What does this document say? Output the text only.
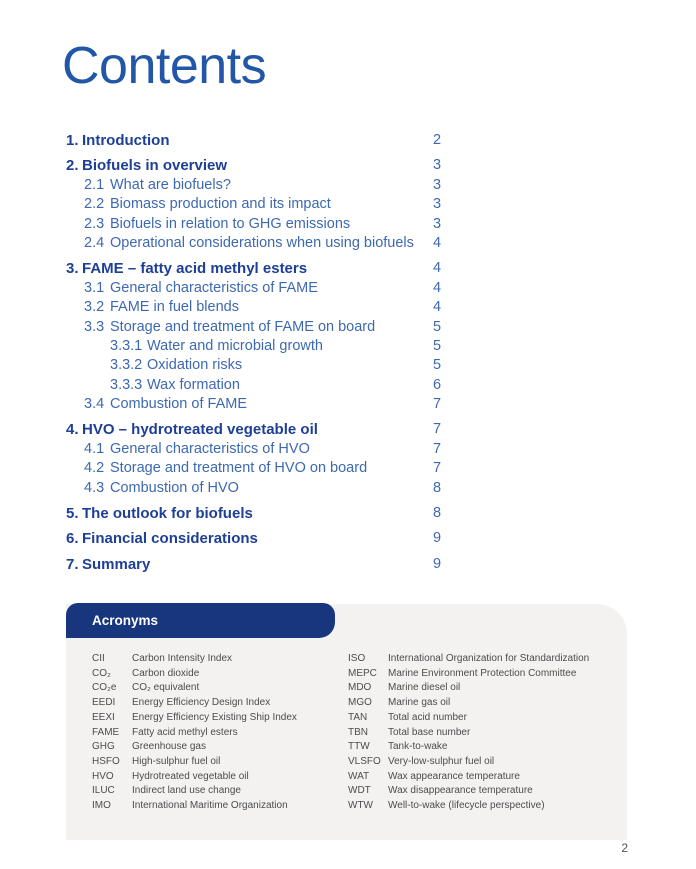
Contents
1. Introduction	2
2. Biofuels in overview	3
2.1 What are biofuels?	3
2.2 Biomass production and its impact	3
2.3 Biofuels in relation to GHG emissions	3
2.4 Operational considerations when using biofuels 4
3. FAME – fatty acid methyl esters	4
3.1 General characteristics of FAME	4
3.2 FAME in fuel blends	4
3.3 Storage and treatment of FAME on board	5
3.3.1 Water and microbial growth	5
3.3.2 Oxidation risks	5
3.3.3 Wax formation	6
3.4 Combustion of FAME	7
4. HVO – hydrotreated vegetable oil	7
4.1 General characteristics of HVO	7
4.2 Storage and treatment of HVO on board	7
4.3 Combustion of HVO	8
5. The outlook for biofuels	8
6. Financial considerations	9
7. Summary	9
Acronyms
CII	Carbon Intensity Index
CO₂	Carbon dioxide
CO₂e	CO₂ equivalent
EEDI	Energy Efficiency Design Index
EEXI	Energy Efficiency Existing Ship Index
FAME	Fatty acid methyl esters
GHG	Greenhouse gas
HSFO	High-sulphur fuel oil
HVO	Hydrotreated vegetable oil
ILUC	Indirect land use change
IMO	International Maritime Organization
ISO	International Organization for Standardization
MEPC	Marine Environment Protection Committee
MDO	Marine diesel oil
MGO	Marine gas oil
TAN	Total acid number
TBN	Total base number
TTW	Tank-to-wake
VLSFO Very-low-sulphur fuel oil
WAT	Wax appearance temperature
WDT	Wax disappearance temperature
WTW	Well-to-wake (lifecycle perspective)
2
